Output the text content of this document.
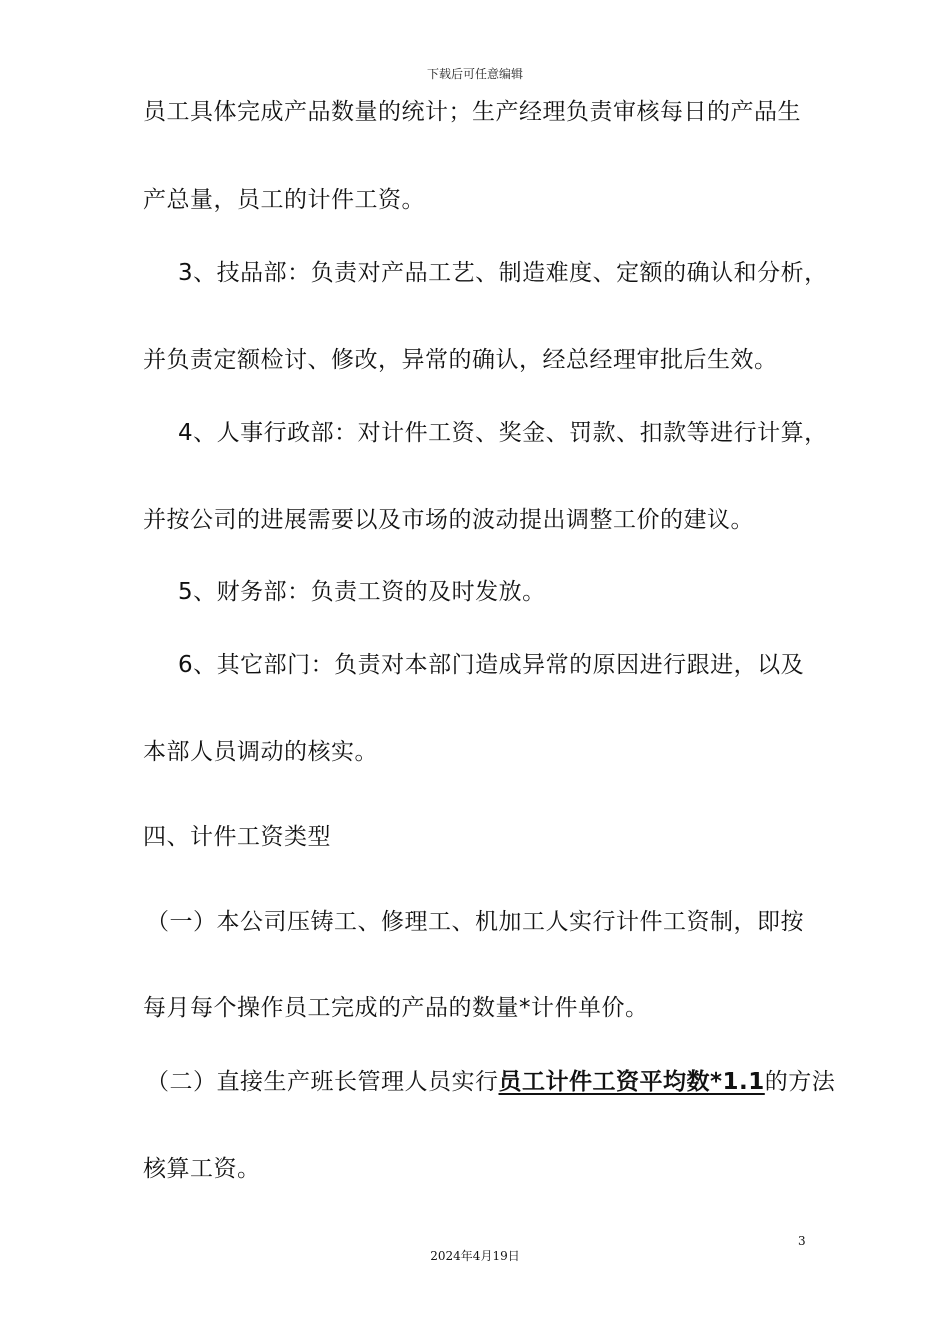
下载后可任意编辑
员工具体完成产品数量的统计；生产经理负责审核每日的产品生
产总量，员工的计件工资。
3、技品部：负责对产品工艺、制造难度、定额的确认和分析，
并负责定额检讨、修改，异常的确认，经总经理审批后生效。
4、人事行政部：对计件工资、奖金、罚款、扣款等进行计算，
并按公司的进展需要以及市场的波动提出调整工价的建议。
5、财务部：负责工资的及时发放。
6、其它部门：负责对本部门造成异常的原因进行跟进，以及
本部人员调动的核实。
四、计件工资类型
（一）本公司压铸工、修理工、机加工人实行计件工资制，即按
每月每个操作员工完成的产品的数量*计件单价。
（二）直接生产班长管理人员实行员工计件工资平均数*1.1的方法
核算工资。
3
2024年4月19日
